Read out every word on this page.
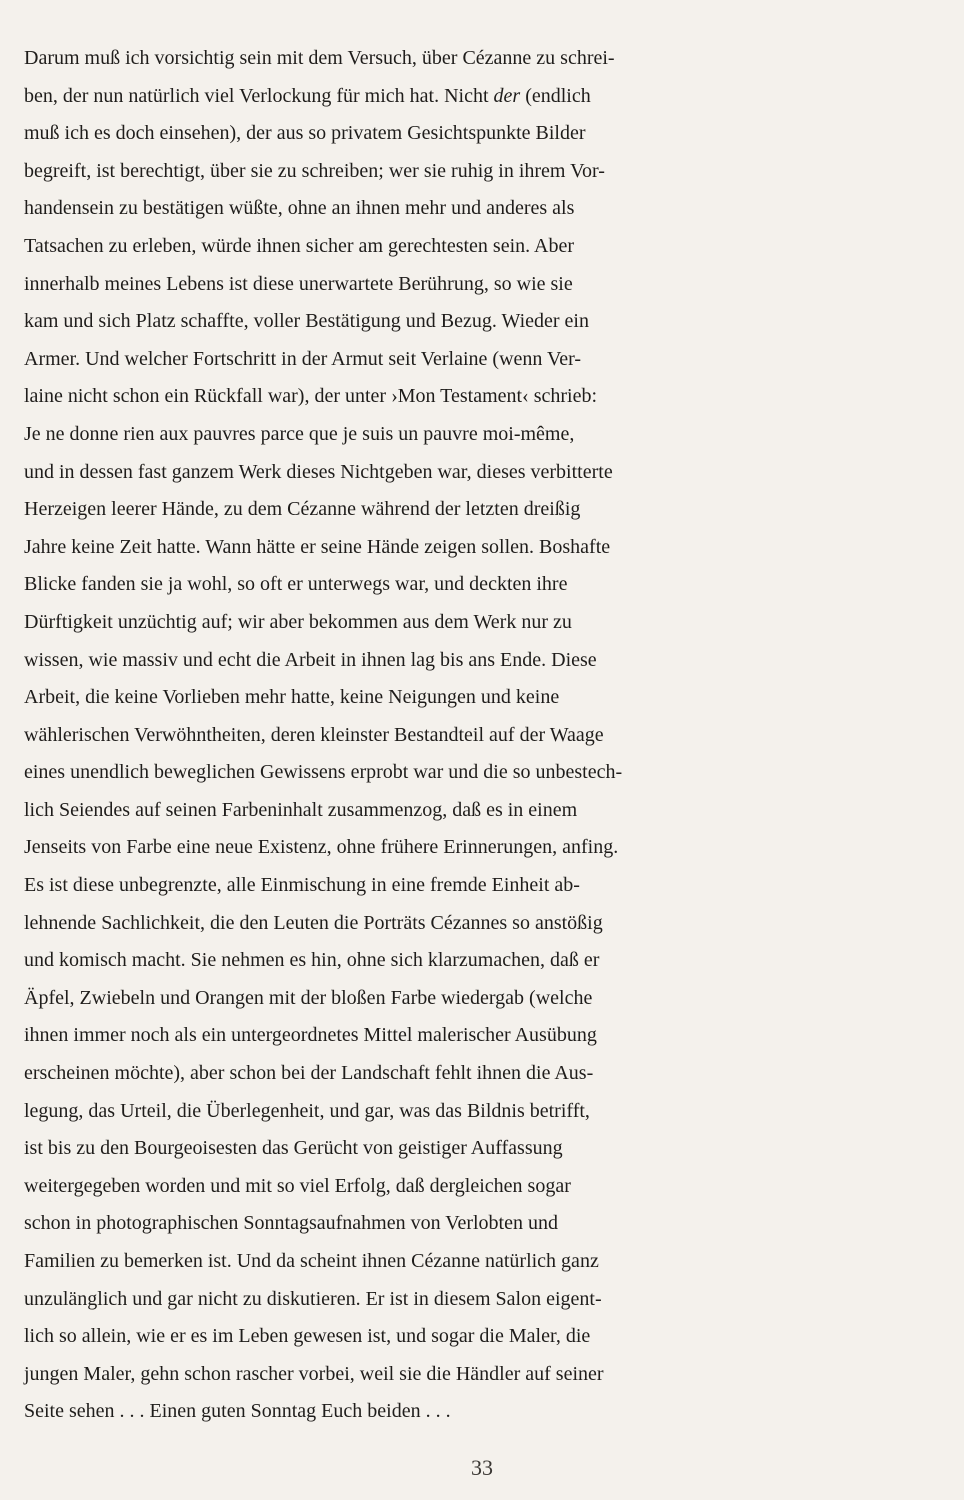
Darum muß ich vorsichtig sein mit dem Versuch, über Cézanne zu schrei-
ben, der nun natürlich viel Verlockung für mich hat. Nicht der (endlich
muß ich es doch einsehen), der aus so privatem Gesichtspunkte Bilder
begreift, ist berechtigt, über sie zu schreiben; wer sie ruhig in ihrem Vor-
handensein zu bestätigen wüßte, ohne an ihnen mehr und anderes als
Tatsachen zu erleben, würde ihnen sicher am gerechtesten sein. Aber
innerhalb meines Lebens ist diese unerwartete Berührung, so wie sie
kam und sich Platz schaffte, voller Bestätigung und Bezug. Wieder ein
Armer. Und welcher Fortschritt in der Armut seit Verlaine (wenn Ver-
laine nicht schon ein Rückfall war), der unter ›Mon Testament‹ schrieb:
Je ne donne rien aux pauvres parce que je suis un pauvre moi-même,
und in dessen fast ganzem Werk dieses Nichtgeben war, dieses verbitterte
Herzeigen leerer Hände, zu dem Cézanne während der letzten dreißig
Jahre keine Zeit hatte. Wann hätte er seine Hände zeigen sollen. Boshafte
Blicke fanden sie ja wohl, so oft er unterwegs war, und deckten ihre
Dürftigkeit unzüchtig auf; wir aber bekommen aus dem Werk nur zu
wissen, wie massiv und echt die Arbeit in ihnen lag bis ans Ende. Diese
Arbeit, die keine Vorlieben mehr hatte, keine Neigungen und keine
wählerischen Verwöhntheiten, deren kleinster Bestandteil auf der Waage
eines unendlich beweglichen Gewissens erprobt war und die so unbestech-
lich Seiendes auf seinen Farbeninhalt zusammenzog, daß es in einem
Jenseits von Farbe eine neue Existenz, ohne frühere Erinnerungen, anfing.
Es ist diese unbegrenzte, alle Einmischung in eine fremde Einheit ab-
lehnende Sachlichkeit, die den Leuten die Porträts Cézannes so anstößig
und komisch macht. Sie nehmen es hin, ohne sich klarzumachen, daß er
Äpfel, Zwiebeln und Orangen mit der bloßen Farbe wiedergab (welche
ihnen immer noch als ein untergeordnetes Mittel malerischer Ausübung
erscheinen möchte), aber schon bei der Landschaft fehlt ihnen die Aus-
legung, das Urteil, die Überlegenheit, und gar, was das Bildnis betrifft,
ist bis zu den Bourgeoisesten das Gerücht von geistiger Auffassung
weitergegeben worden und mit so viel Erfolg, daß dergleichen sogar
schon in photographischen Sonntagsaufnahmen von Verlobten und
Familien zu bemerken ist. Und da scheint ihnen Cézanne natürlich ganz
unzulänglich und gar nicht zu diskutieren. Er ist in diesem Salon eigent-
lich so allein, wie er es im Leben gewesen ist, und sogar die Maler, die
jungen Maler, gehn schon rascher vorbei, weil sie die Händler auf seiner
Seite sehen . . . Einen guten Sonntag Euch beiden . . .
33
